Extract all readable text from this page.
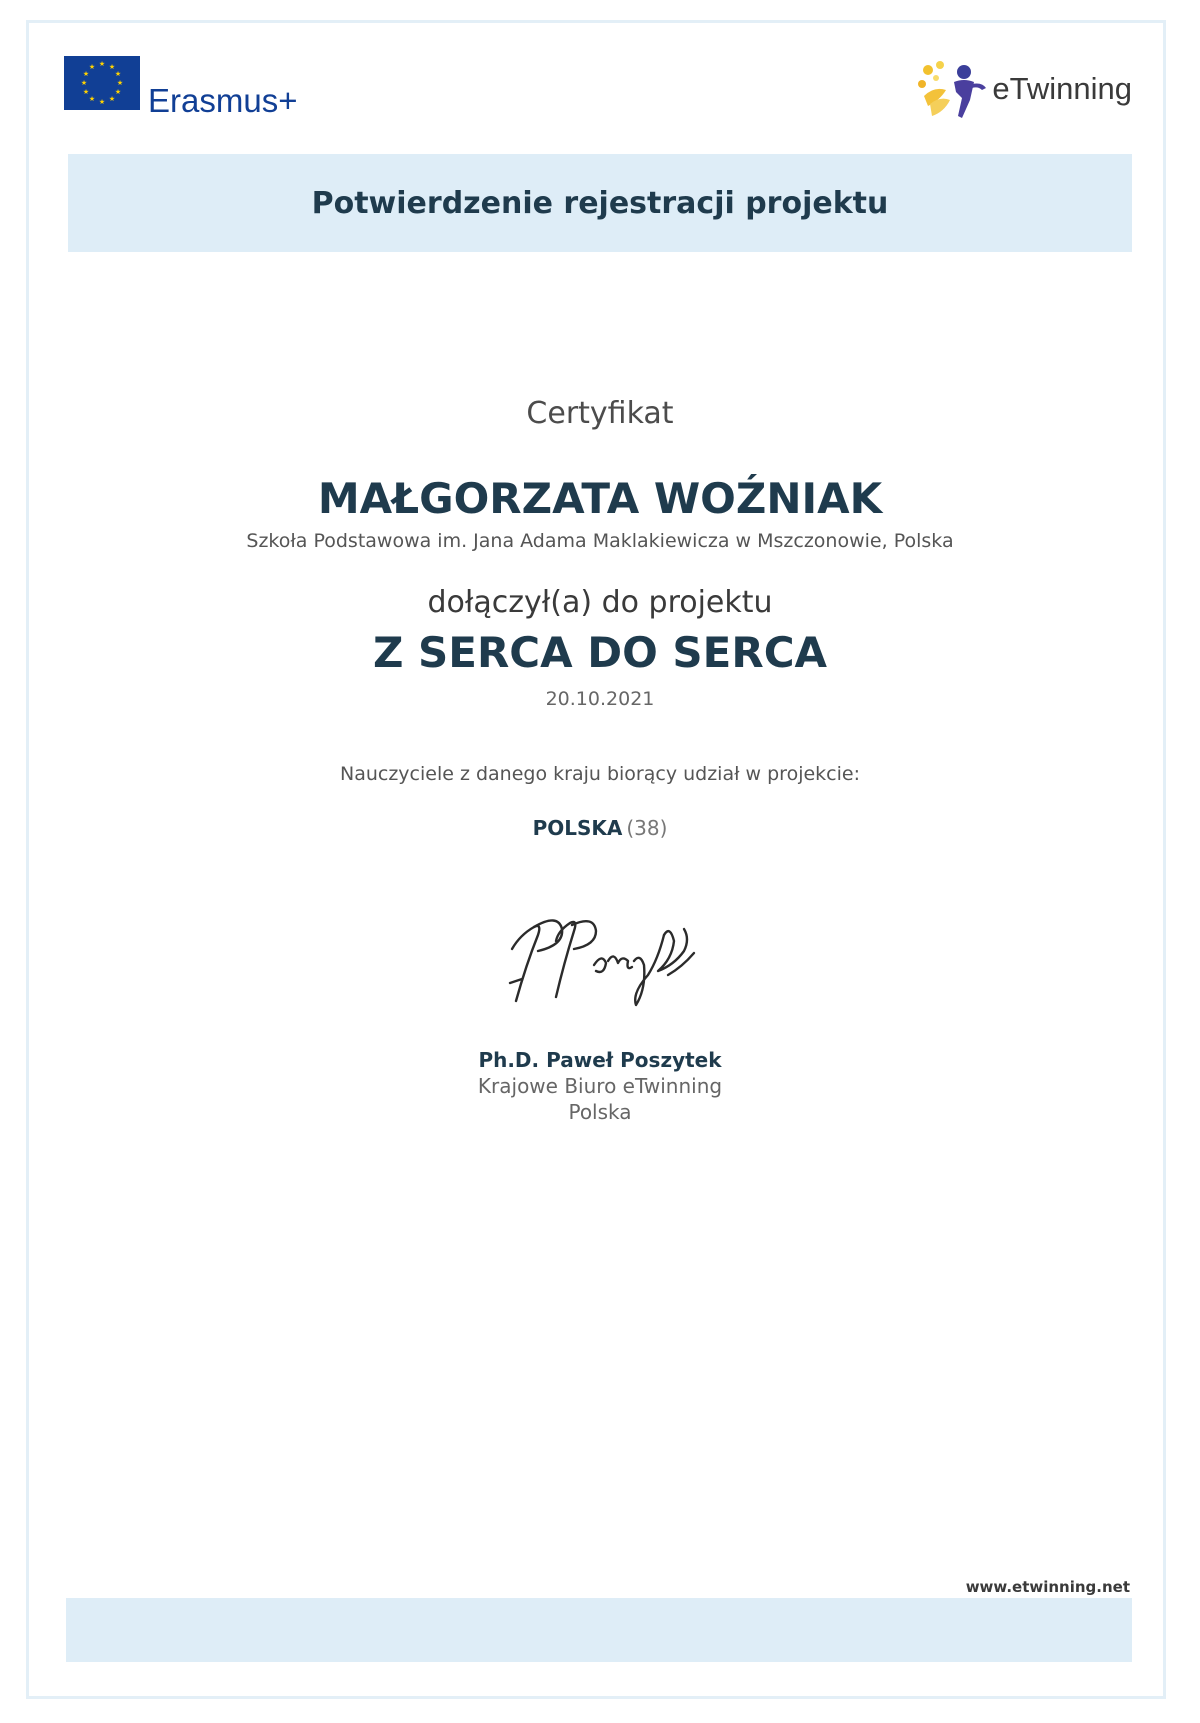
★ ★
★
★
★
★
★
★
★
★
★
★
Erasmus+	eTwinning
Potwierdzenie rejestracji projektu
Certyfikat
MAŁGORZATA WOŹNIAK
Szkoła Podstawowa im. Jana Adama Maklakiewicza w Mszczonowie, Polska
dołączył(a) do projektu
Z SERCA DO SERCA
20.10.2021
Nauczyciele z danego kraju biorący udział w projekcie:
POLSKA (38)
Ph.D. Paweł Poszytek
Krajowe Biuro eTwinning
Polska
www.etwinning.net
